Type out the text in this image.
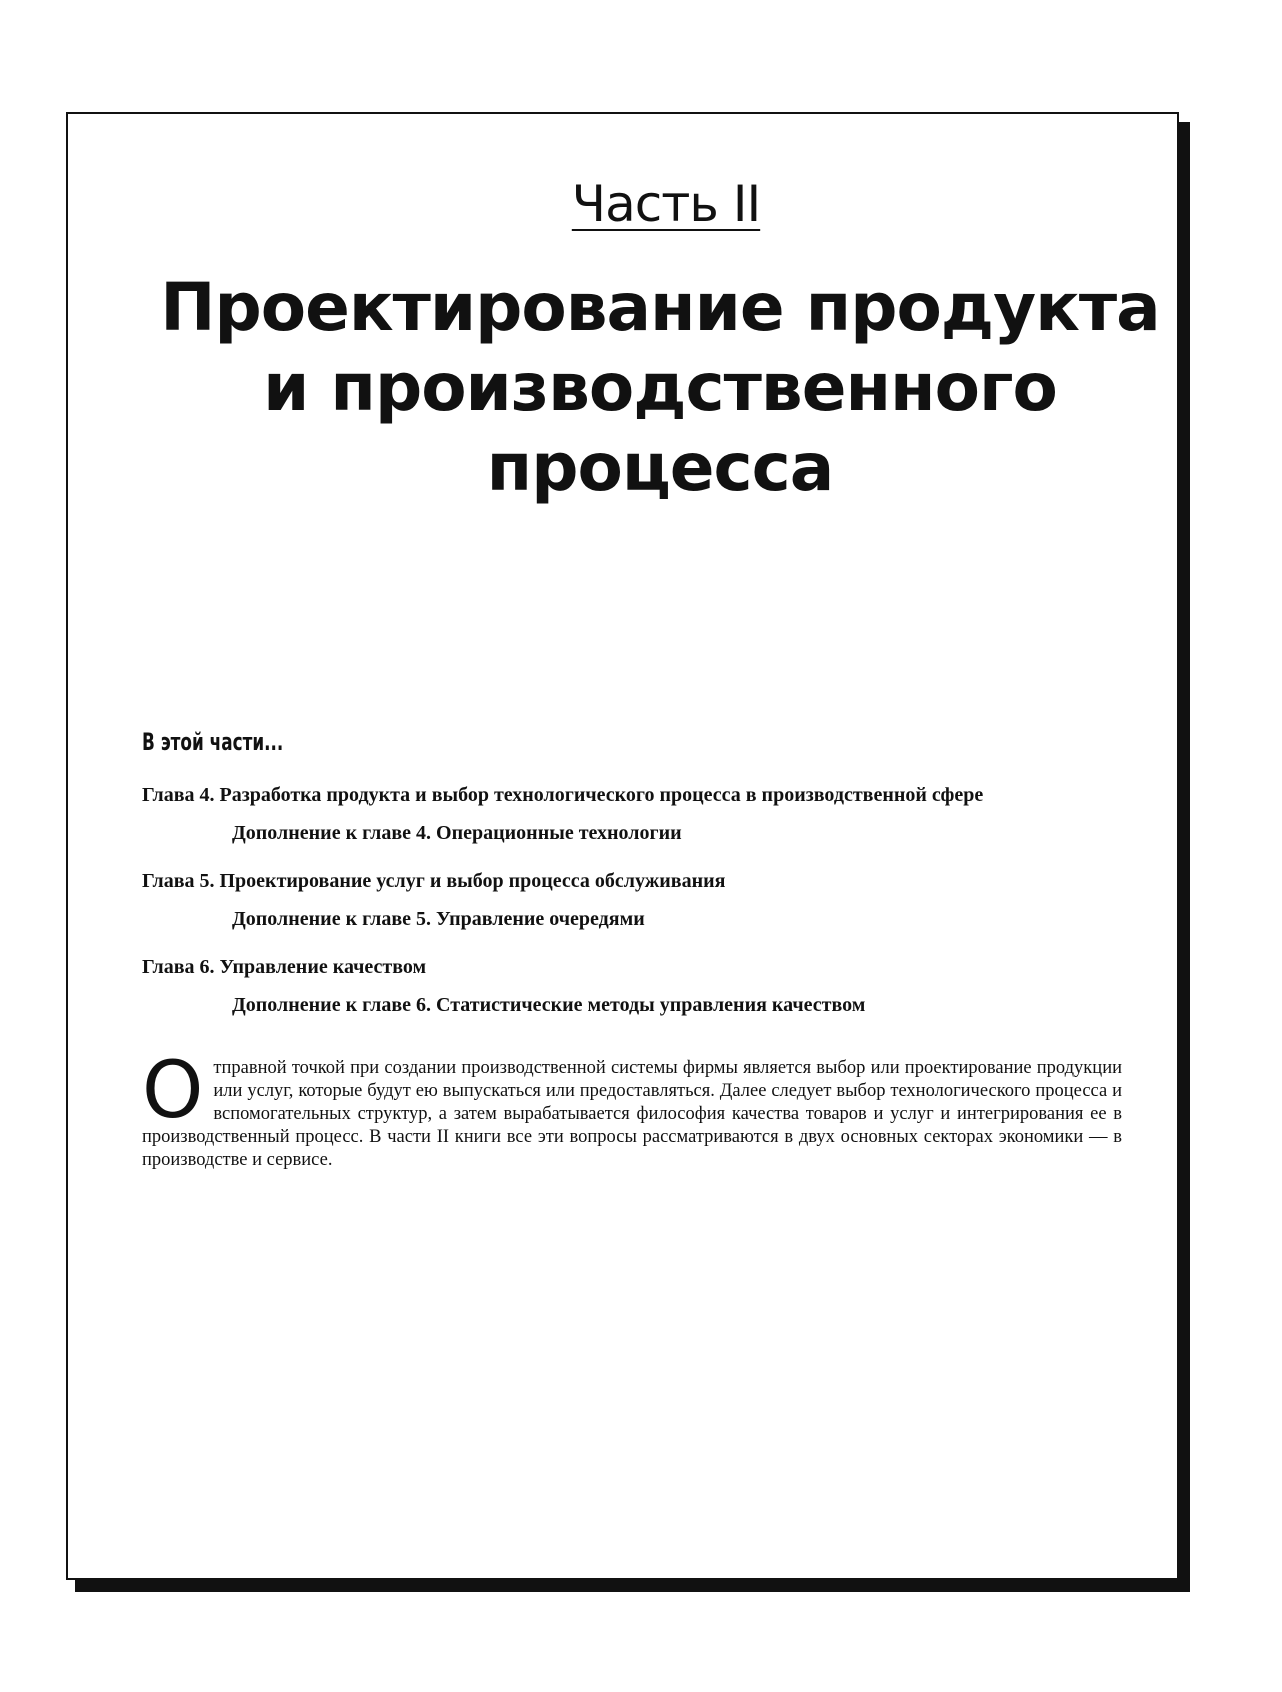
Часть II
Проектирование продукта
и производственного
процесса
В этой части...
Глава 4. Разработка продукта и выбор технологического процесса в производственной сфере
Дополнение к главе 4. Операционные технологии
Глава 5. Проектирование услуг и выбор процесса обслуживания
Дополнение к главе 5. Управление очередями
Глава 6. Управление качеством
Дополнение к главе 6. Статистические методы управления качеством
Отправной точкой при создании производственной системы фирмы является выбор или проектирование продукции или услуг, которые будут ею выпускаться или предоставляться. Далее следует выбор технологического процесса и вспомогательных структур, а затем вырабатывается философия качества товаров и услуг и интегрирования ее в производственный процесс. В части II книги все эти вопросы рассматриваются в двух основных секторах экономики — в производстве и сервисе.
